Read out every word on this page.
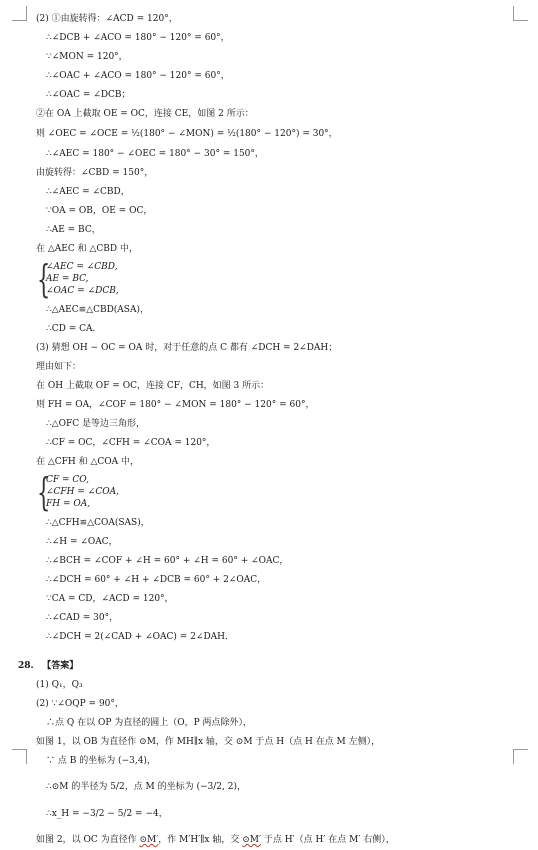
(2) ①由旋转得：∠ACD = 120°，
∴∠DCB + ∠ACO = 180° − 120° = 60°，
∵∠MON = 120°，
∴∠OAC + ∠ACO = 180° − 120° = 60°，
∴∠OAC = ∠DCB；
②在 OA 上截取 OE = OC，连接 CE，如图 2 所示：
则 ∠OEC = ∠OCE = ½(180° − ∠MON) = ½(180° − 120°) = 30°，
∴∠AEC = 180° − ∠OEC = 180° − 30° = 150°，
由旋转得：∠CBD = 150°，
∴∠AEC = ∠CBD，
∵OA = OB，OE = OC，
∴AE = BC，
在 △AEC 和 △CBD 中，
{
∠AEC = ∠CBD,
AE = BC,
∠OAC = ∠DCB,
∴△AEC≌△CBD(ASA)，
∴CD = CA．
(3) 猜想 OH − OC = OA 时，对于任意的点 C 都有 ∠DCH = 2∠DAH；
理由如下：
在 OH 上截取 OF = OC，连接 CF，CH，如图 3 所示：
则 FH = OA，∠COF = 180° − ∠MON = 180° − 120° = 60°，
∴△OFC 是等边三角形，
∴CF = OC，∠CFH = ∠COA = 120°，
在 △CFH 和 △COA 中，
{
CF = CO,
∠CFH = ∠COA,
FH = OA,
∴△CFH≌△COA(SAS)，
∴∠H = ∠OAC，
∴∠BCH = ∠COF + ∠H = 60° + ∠H = 60° + ∠OAC，
∴∠DCH = 60° + ∠H + ∠DCB = 60° + 2∠OAC，
∵CA = CD，∠ACD = 120°，
∴∠CAD = 30°，
∴∠DCH = 2(∠CAD + ∠OAC) = 2∠DAH．
28. 【答案】
(1) Q₁，Q₃
(2) ∵∠OQP = 90°，
∴点 Q 在以 OP 为直径的圆上（O，P 两点除外），
如图 1，以 OB 为直径作 ⊙M，作 MH∥x 轴，交 ⊙M 于点 H（点 H 在点 M 左侧），
∵ 点 B 的坐标为 (−3,4)，
∴⊙M 的半径为 5/2，点 M 的坐标为 (−3/2, 2)，
∴x_H = −3/2 − 5/2 = −4，
如图 2，以 OC 为直径作 ⊙M′，作 M′H′∥x 轴，交 ⊙M′ 于点 H′（点 H′ 在点 M′ 右侧），
